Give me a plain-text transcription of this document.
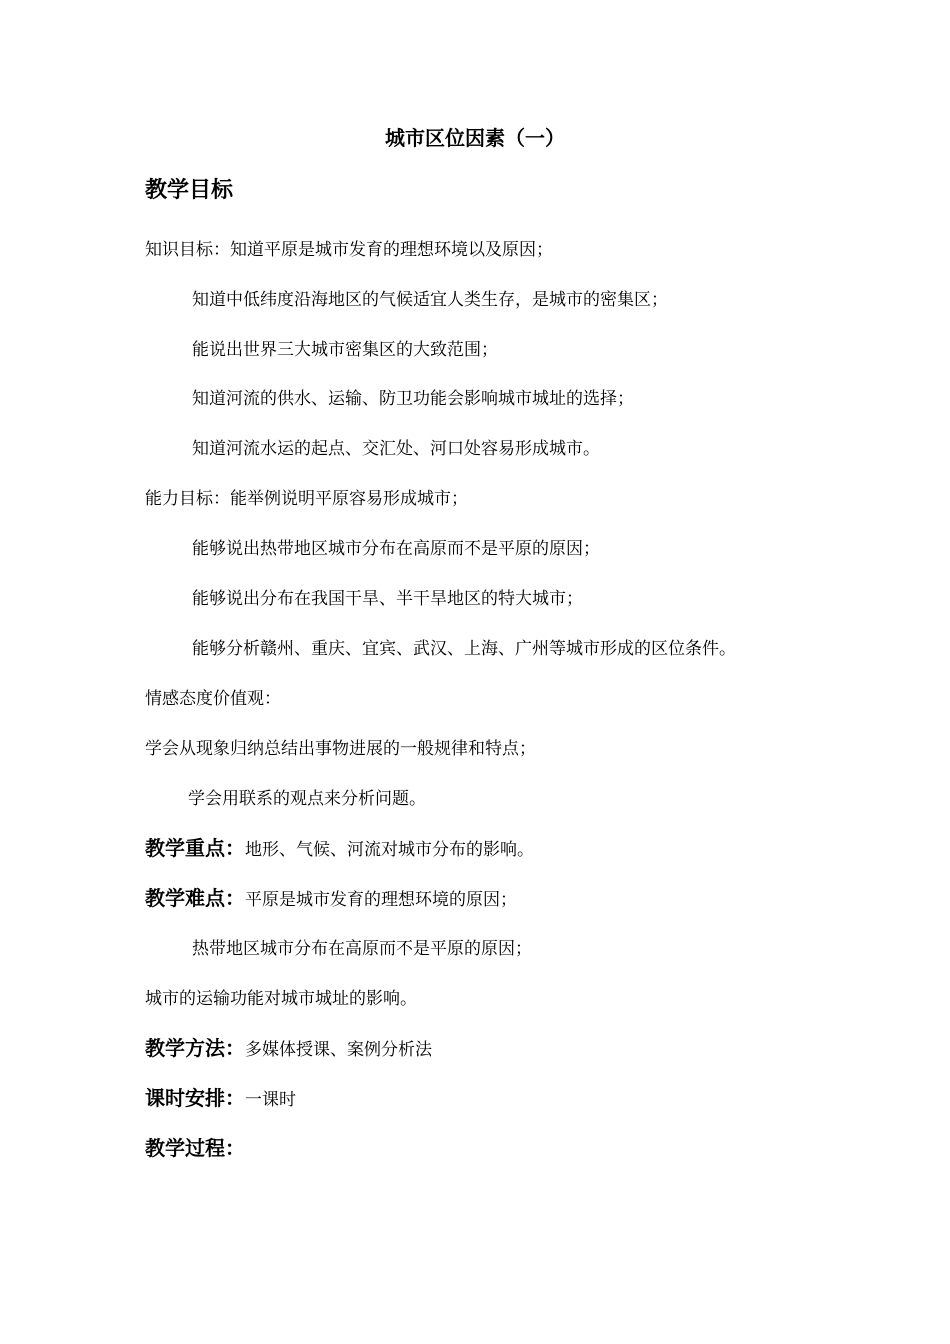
城市区位因素（一）
教学目标
知识目标：知道平原是城市发育的理想环境以及原因；
知道中低纬度沿海地区的气候适宜人类生存，是城市的密集区；
能说出世界三大城市密集区的大致范围；
知道河流的供水、运输、防卫功能会影响城市城址的选择；
知道河流水运的起点、交汇处、河口处容易形成城市。
能力目标：能举例说明平原容易形成城市；
能够说出热带地区城市分布在高原而不是平原的原因；
能够说出分布在我国干旱、半干旱地区的特大城市；
能够分析赣州、重庆、宜宾、武汉、上海、广州等城市形成的区位条件。
情感态度价值观：
学会从现象归纳总结出事物进展的一般规律和特点；
学会用联系的观点来分析问题。
教学重点：地形、气候、河流对城市分布的影响。
教学难点：平原是城市发育的理想环境的原因；
热带地区城市分布在高原而不是平原的原因；
城市的运输功能对城市城址的影响。
教学方法：多媒体授课、案例分析法
课时安排：一课时
教学过程：
